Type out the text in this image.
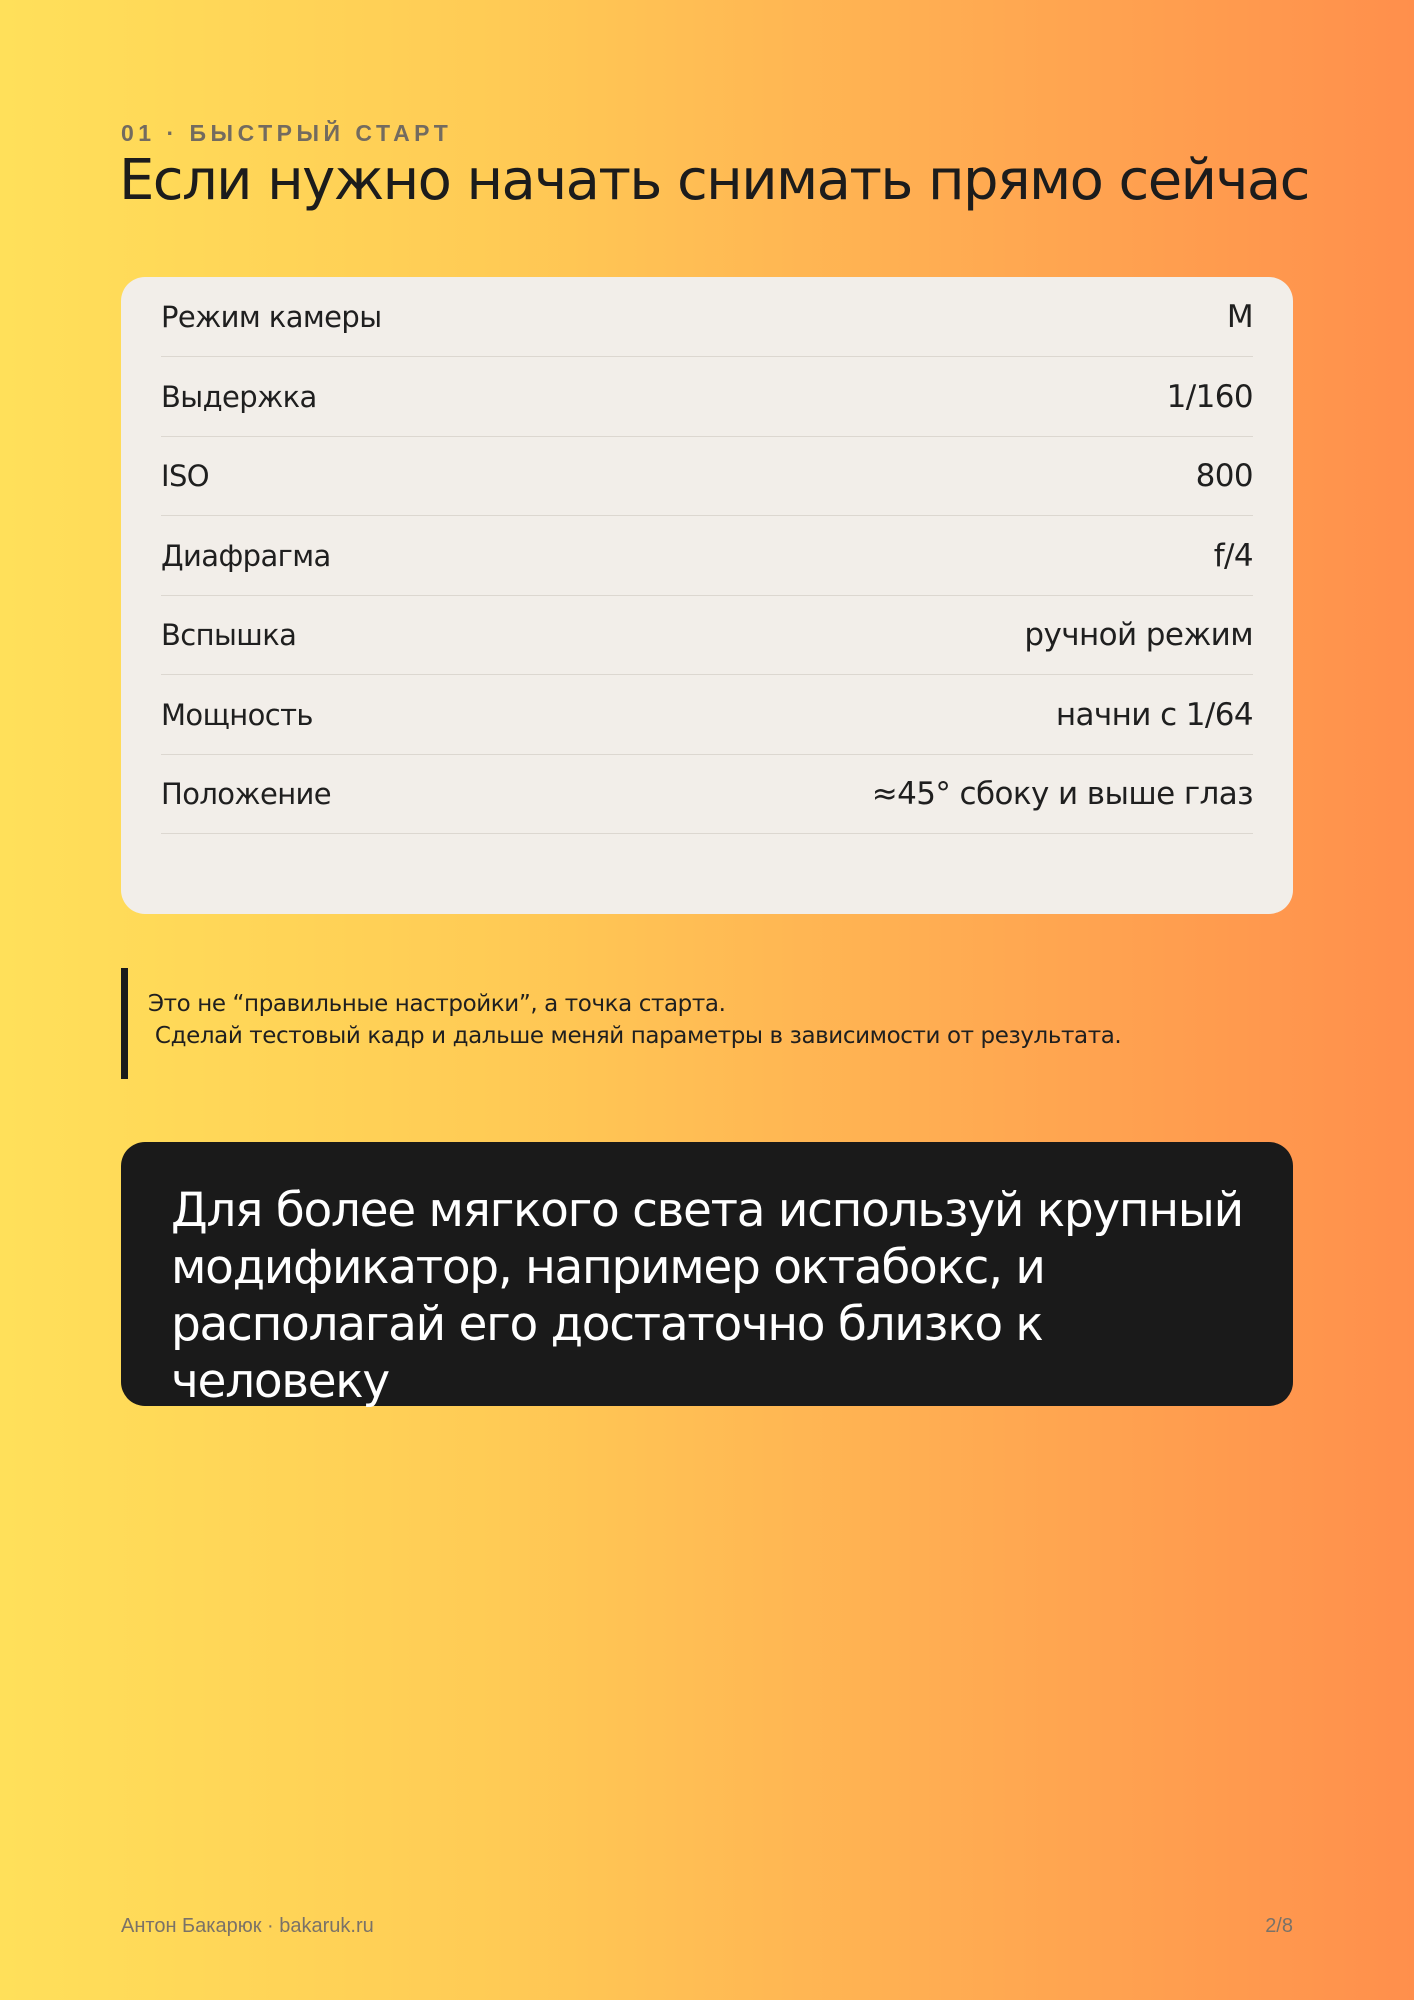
01 · БЫСТРЫЙ СТАРТ
Если нужно начать снимать прямо сейчас
Режим камеры	M
Выдержка	1/160
ISO	800
Диафрагма	f/4
Вспышка	ручной режим
Мощность	начни с 1/64
Положение	≈45° сбоку и выше глаз
Это не “правильные настройки”, а точка старта.
Сделай тестовый кадр и дальше меняй параметры в зависимости от результата.
Для более мягкого света используй крупный модификатор, например октабокс, и располагай его достаточно близко к человеку
Антон Бакарюк · bakaruk.ru	2/8
